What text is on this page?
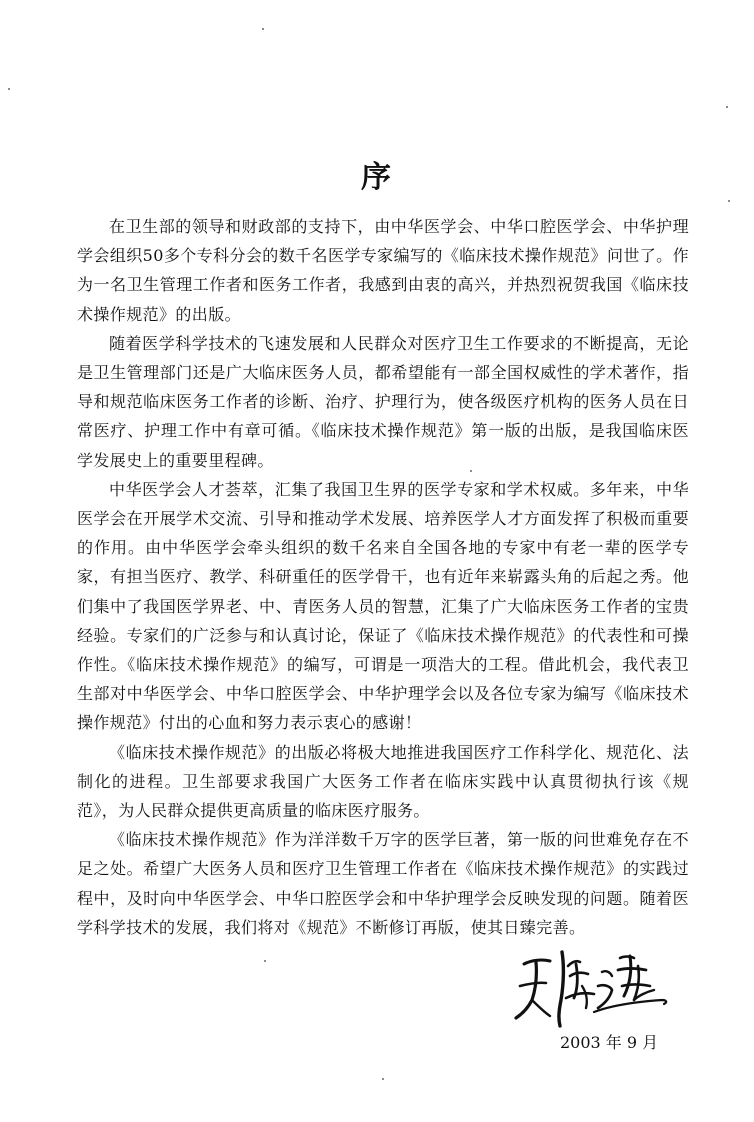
序

在卫生部的领导和财政部的支持下，由中华医学会、中华口腔医学会、中华护理学会组织50多个专科分会的数千名医学专家编写的《临床技术操作规范》问世了。作为一名卫生管理工作者和医务工作者，我感到由衷的高兴，并热烈祝贺我国《临床技术操作规范》的出版。

随着医学科学技术的飞速发展和人民群众对医疗卫生工作要求的不断提高，无论是卫生管理部门还是广大临床医务人员，都希望能有一部全国权威性的学术著作，指导和规范临床医务工作者的诊断、治疗、护理行为，使各级医疗机构的医务人员在日常医疗、护理工作中有章可循。《临床技术操作规范》第一版的出版，是我国临床医学发展史上的重要里程碑。

中华医学会人才荟萃，汇集了我国卫生界的医学专家和学术权威。多年来，中华医学会在开展学术交流、引导和推动学术发展、培养医学人才方面发挥了积极而重要的作用。由中华医学会牵头组织的数千名来自全国各地的专家中有老一辈的医学专家，有担当医疗、教学、科研重任的医学骨干，也有近年来崭露头角的后起之秀。他们集中了我国医学界老、中、青医务人员的智慧，汇集了广大临床医务工作者的宝贵经验。专家们的广泛参与和认真讨论，保证了《临床技术操作规范》的代表性和可操作性。《临床技术操作规范》的编写，可谓是一项浩大的工程。借此机会，我代表卫生部对中华医学会、中华口腔医学会、中华护理学会以及各位专家为编写《临床技术操作规范》付出的心血和努力表示衷心的感谢！

《临床技术操作规范》的出版必将极大地推进我国医疗工作科学化、规范化、法制化的进程。卫生部要求我国广大医务工作者在临床实践中认真贯彻执行该《规范》，为人民群众提供更高质量的临床医疗服务。

《临床技术操作规范》作为洋洋数千万字的医学巨著，第一版的问世难免存在不足之处。希望广大医务人员和医疗卫生管理工作者在《临床技术操作规范》的实践过程中，及时向中华医学会、中华口腔医学会和中华护理学会反映发现的问题。随着医学科学技术的发展，我们将对《规范》不断修订再版，使其日臻完善。

2003 年 9 月
